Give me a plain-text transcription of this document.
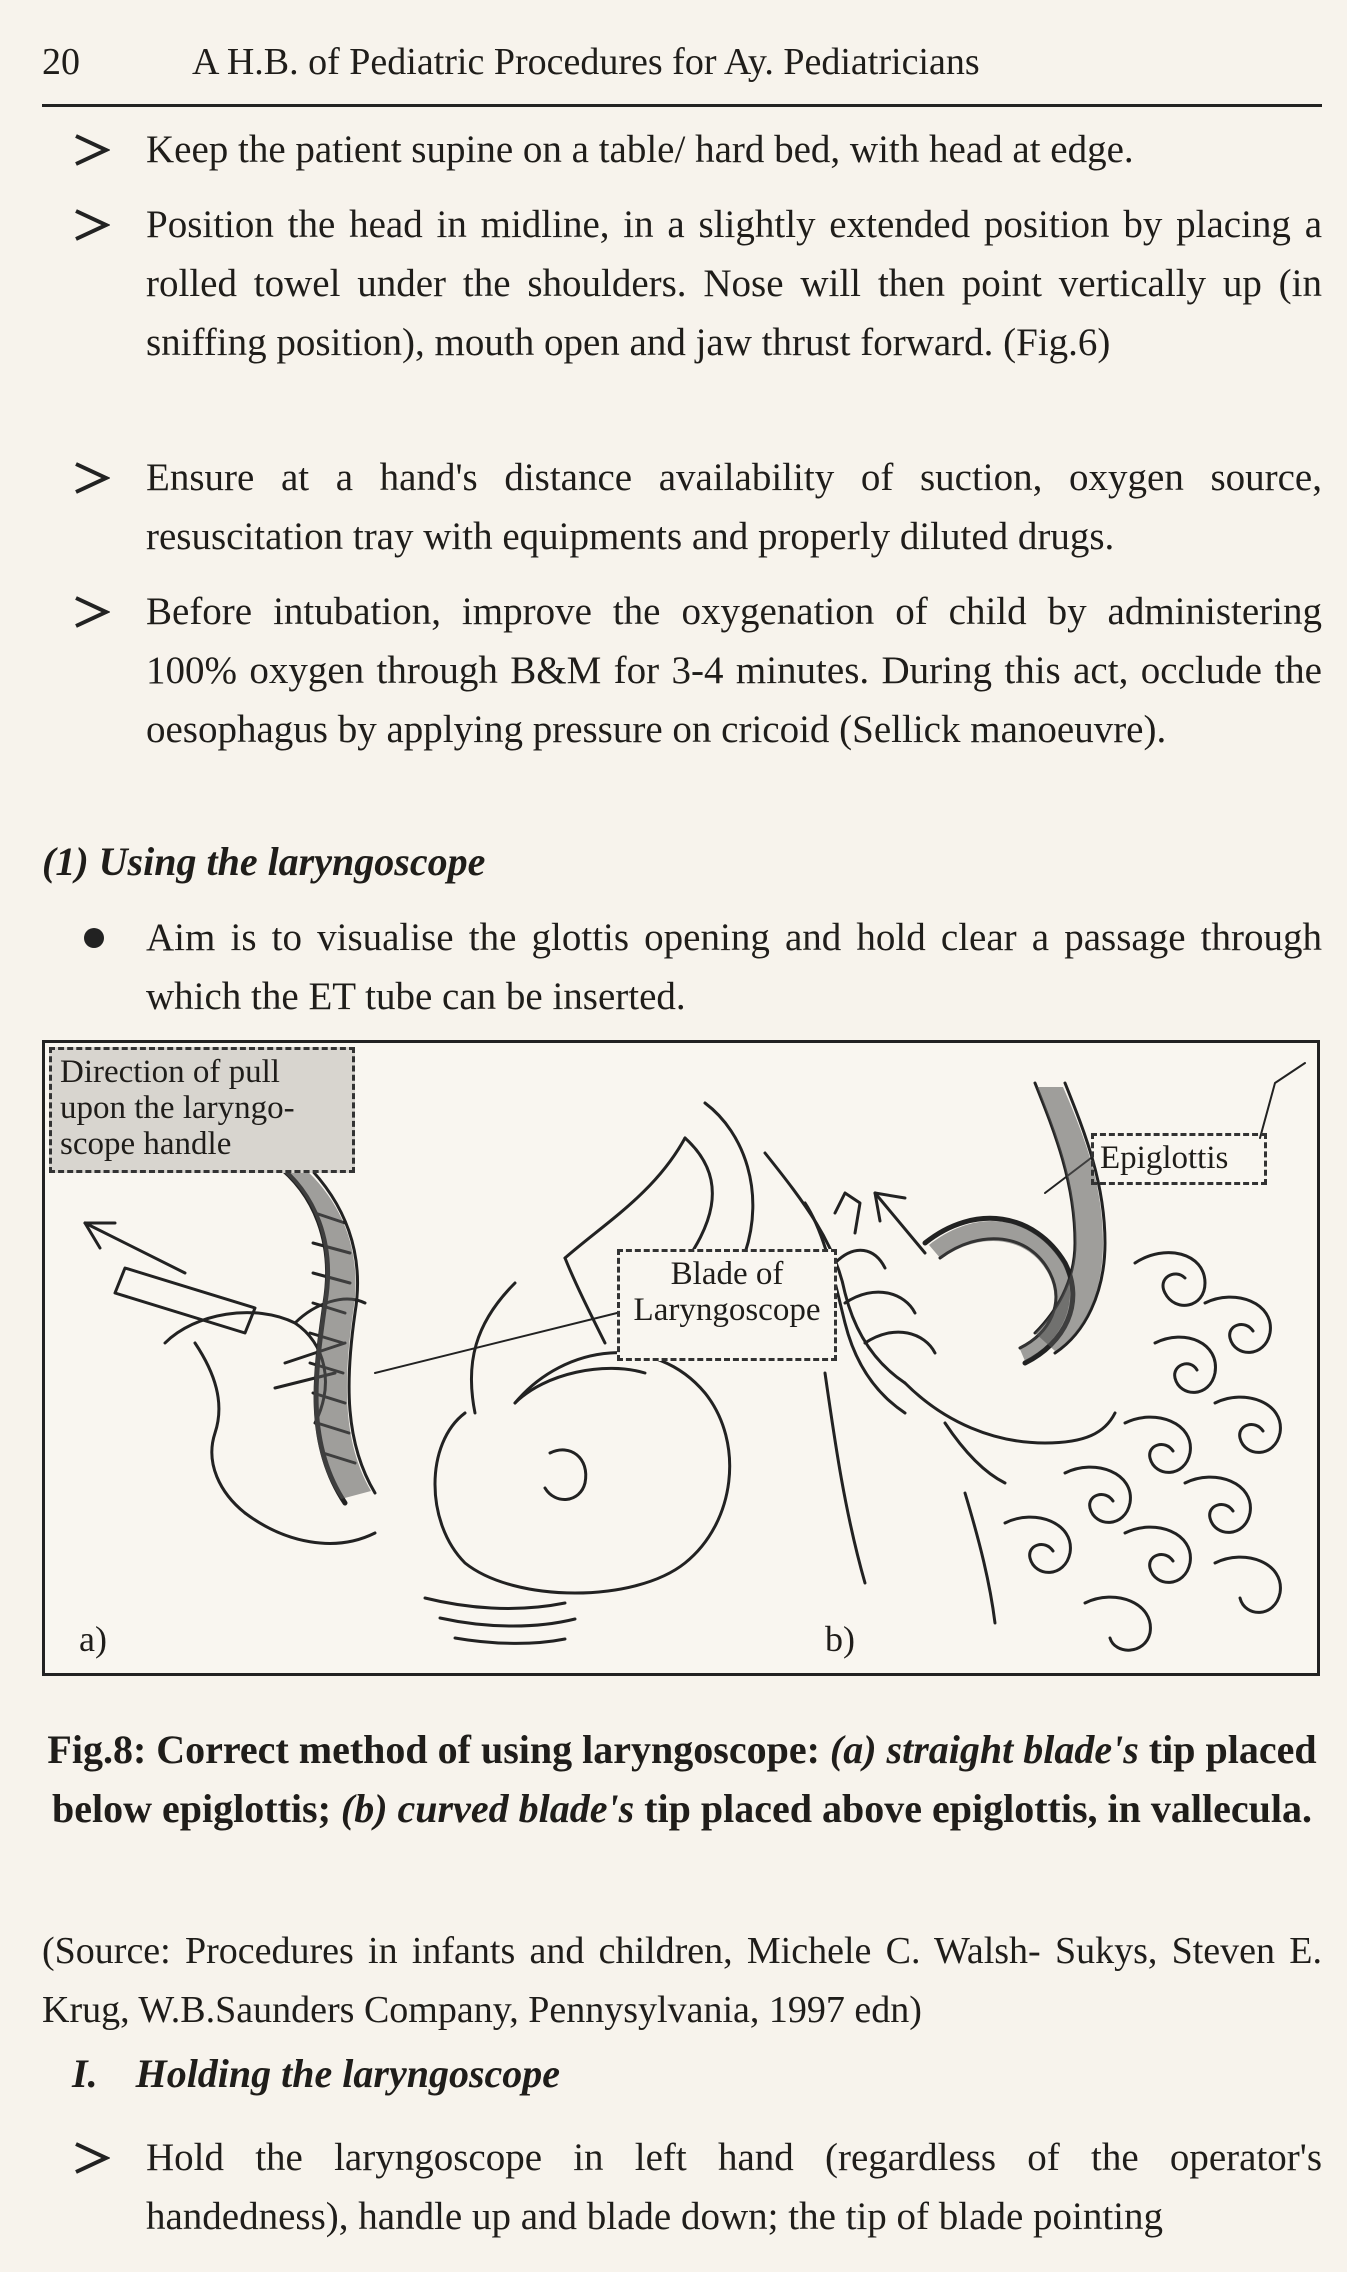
20	A H.B. of Pediatric Procedures for Ay. Pediatricians
Keep the patient supine on a table/ hard bed, with head at edge.
Position the head in midline, in a slightly extended position by placing a rolled towel under the shoulders. Nose will then point vertically up (in sniffing position), mouth open and jaw thrust forward. (Fig.6)
Ensure at a hand's distance availability of suction, oxygen source, resuscitation tray with equipments and properly diluted drugs.
Before intubation, improve the oxygenation of child by administering 100% oxygen through B&M for 3-4 minutes. During this act, occlude the oesophagus by applying pressure on cricoid (Sellick manoeuvre).
(1) Using the laryngoscope
Aim is to visualise the glottis opening and hold clear a passage through which the ET tube can be inserted.
Direction of pull upon the laryngo-scope handle
Blade of Laryngoscope
Epiglottis
a)	b)
Fig.8: Correct method of using laryngoscope: (a) straight blade's tip placed below epiglottis; (b) curved blade's tip placed above epiglottis, in vallecula.
(Source: Procedures in infants and children, Michele C. Walsh- Sukys, Steven E. Krug, W.B.Saunders Company, Pennysylvania, 1997 edn)
I. Holding the laryngoscope
Hold the laryngoscope in left hand (regardless of the operator's handedness), handle up and blade down; the tip of blade pointing
